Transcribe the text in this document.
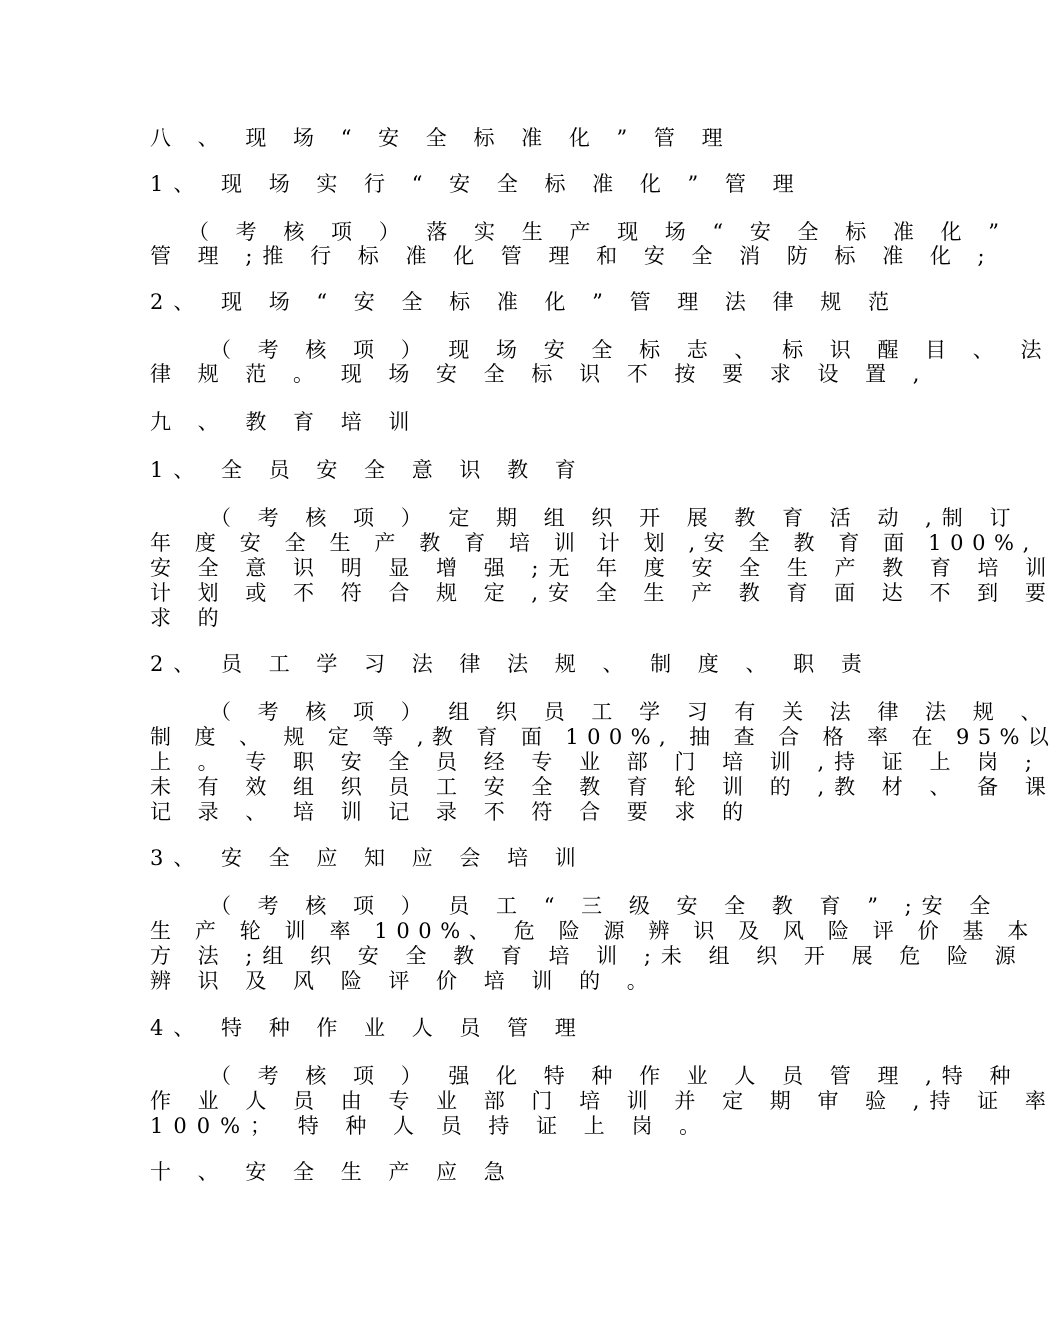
八 、 现 场 “ 安 全 标 准 化 ” 管 理
1、 现 场 实 行 “ 安 全 标 准 化 ” 管 理
（ 考 核 项 ） 落 实 生 产 现 场 “ 安 全 标 准 化 ”
管 理 ;推 行 标 准 化 管 理 和 安 全 消 防 标 准 化 ;
2、 现 场 “ 安 全 标 准 化 ” 管 理 法 律 规 范
（ 考 核 项 ） 现 场 安 全 标 志 、 标 识 醒 目 、 法
律 规 范 。 现 场 安 全 标 识 不 按 要 求 设 置 ,
九 、 教 育 培 训
1、 全 员 安 全 意 识 教 育
（ 考 核 项 ） 定 期 组 织 开 展 教 育 活 动 ,制 订
年 度 安 全 生 产 教 育 培 训 计 划 ,安 全 教 育 面 100%,
安 全 意 识 明 显 增 强 ;无 年 度 安 全 生 产 教 育 培 训
计 划 或 不 符 合 规 定 ,安 全 生 产 教 育 面 达 不 到 要
求 的
2、 员 工 学 习 法 律 法 规 、 制 度 、 职 责
（ 考 核 项 ） 组 织 员 工 学 习 有 关 法 律 法 规 、
制 度 、 规 定 等 ,教 育 面 100%, 抽 查 合 格 率 在 95%以
上 。 专 职 安 全 员 经 专 业 部 门 培 训 ,持 证 上 岗 ;
未 有 效 组 织 员 工 安 全 教 育 轮 训 的 ,教 材 、 备 课
记 录 、 培 训 记 录 不 符 合 要 求 的
3、 安 全 应 知 应 会 培 训
（ 考 核 项 ） 员 工 “ 三 级 安 全 教 育 ” ;安 全
生 产 轮 训 率 100%、 危 险 源 辨 识 及 风 险 评 价 基 本
方 法 ;组 织 安 全 教 育 培 训 ;未 组 织 开 展 危 险 源
辨 识 及 风 险 评 价 培 训 的 。
4、 特 种 作 业 人 员 管 理
（ 考 核 项 ） 强 化 特 种 作 业 人 员 管 理 ,特 种
作 业 人 员 由 专 业 部 门 培 训 并 定 期 审 验 ,持 证 率
100%； 特 种 人 员 持 证 上 岗 。
十 、 安 全 生 产 应 急
